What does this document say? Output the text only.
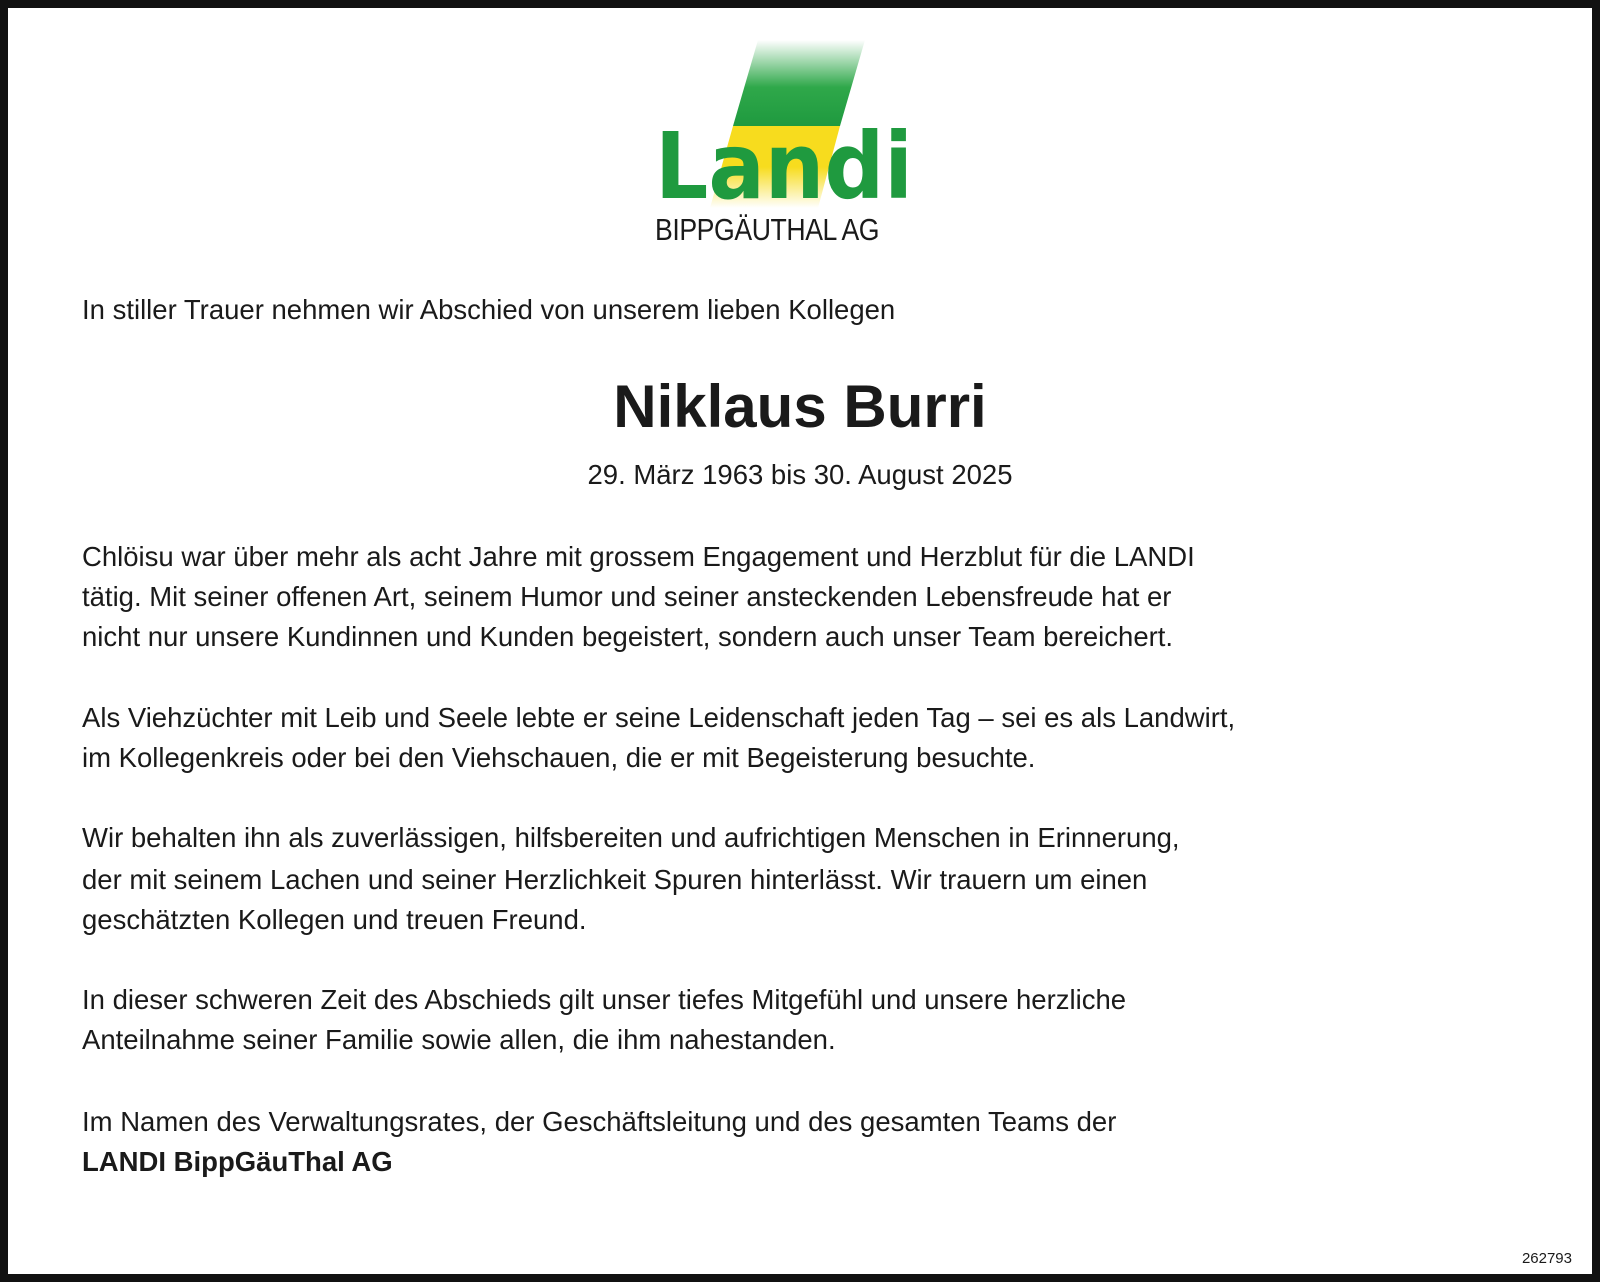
Landi
BIPPGÄUTHAL AG
In stiller Trauer nehmen wir Abschied von unserem lieben Kollegen
Niklaus Burri
29. März 1963 bis 30. August 2025
Chlöisu war über mehr als acht Jahre mit grossem Engagement und Herzblut für die LANDI
tätig. Mit seiner offenen Art, seinem Humor und seiner ansteckenden Lebensfreude hat er
nicht nur unsere Kundinnen und Kunden begeistert, sondern auch unser Team bereichert.
Als Viehzüchter mit Leib und Seele lebte er seine Leidenschaft jeden Tag – sei es als Landwirt,
im Kollegenkreis oder bei den Viehschauen, die er mit Begeisterung besuchte.
Wir behalten ihn als zuverlässigen, hilfsbereiten und aufrichtigen Menschen in Erinnerung,
der mit seinem Lachen und seiner Herzlichkeit Spuren hinterlässt. Wir trauern um einen
geschätzten Kollegen und treuen Freund.
In dieser schweren Zeit des Abschieds gilt unser tiefes Mitgefühl und unsere herzliche
Anteilnahme seiner Familie sowie allen, die ihm nahestanden.
Im Namen des Verwaltungsrates, der Geschäftsleitung und des gesamten Teams der
LANDI BippGäuThal AG
262793
